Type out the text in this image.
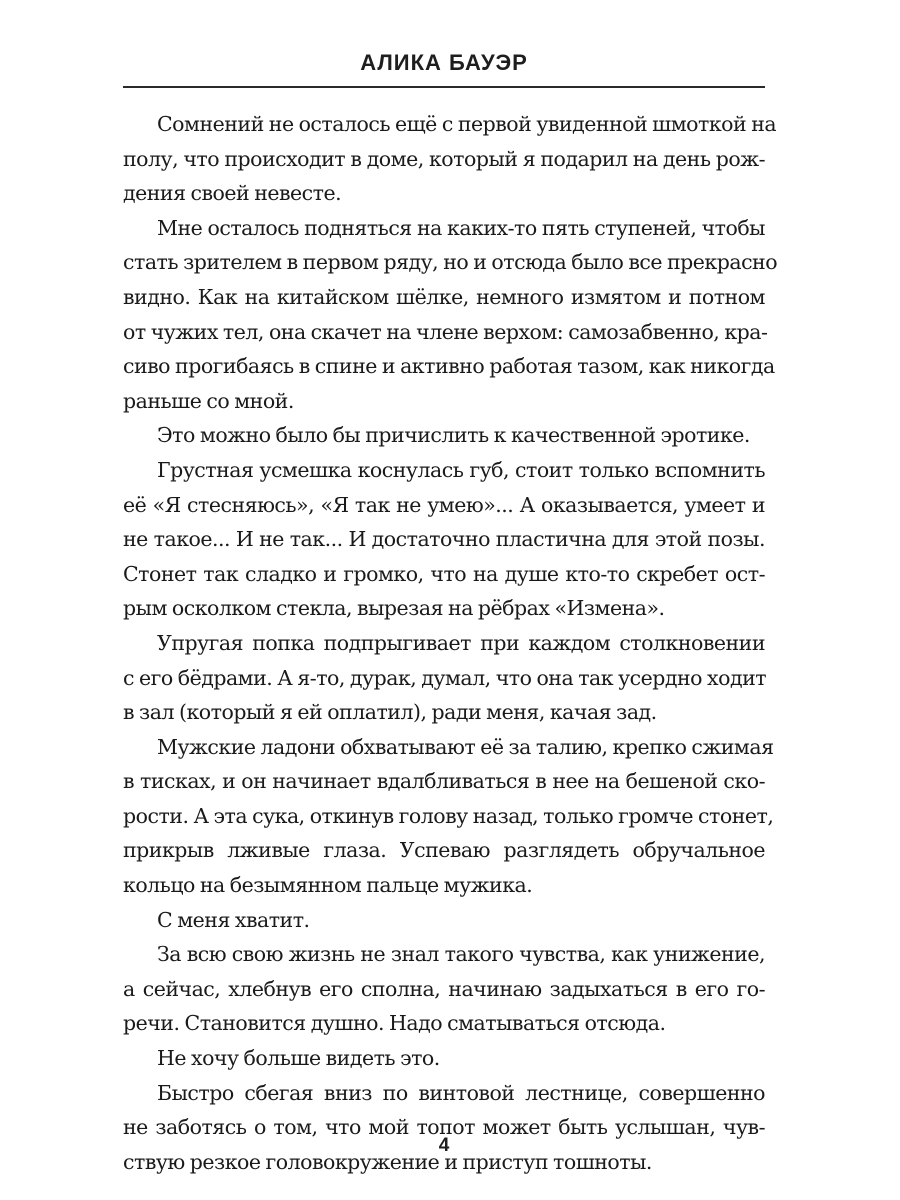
АЛИКА БАУЭР
Сомнений не осталось ещё с первой увиденной шмоткой на
полу, что происходит в доме, который я подарил на день рож-
дения своей невесте.
Мне осталось подняться на каких-то пять ступеней, чтобы
стать зрителем в первом ряду, но и отсюда было все прекрасно
видно. Как на китайском шёлке, немного измятом и потном
от чужих тел, она скачет на члене верхом: самозабвенно, кра-
сиво прогибаясь в спине и активно работая тазом, как никогда
раньше со мной.
Это можно было бы причислить к качественной эротике.
Грустная усмешка коснулась губ, стоит только вспомнить
её «Я стесняюсь», «Я так не умею»... А оказывается, умеет и
не такое... И не так... И достаточно пластична для этой позы.
Стонет так сладко и громко, что на душе кто-то скребет ост-
рым осколком стекла, вырезая на рёбрах «Измена».
Упругая попка подпрыгивает при каждом столкновении
с его бёдрами. А я-то, дурак, думал, что она так усердно ходит
в зал (который я ей оплатил), ради меня, качая зад.
Мужские ладони обхватывают её за талию, крепко сжимая
в тисках, и он начинает вдалбливаться в нее на бешеной ско-
рости. А эта сука, откинув голову назад, только громче стонет,
прикрыв лживые глаза. Успеваю разглядеть обручальное
кольцо на безымянном пальце мужика.
С меня хватит.
За всю свою жизнь не знал такого чувства, как унижение,
а сейчас, хлебнув его сполна, начинаю задыхаться в его го-
речи. Становится душно. Надо сматываться отсюда.
Не хочу больше видеть это.
Быстро сбегая вниз по винтовой лестнице, совершенно
не заботясь о том, что мой топот может быть услышан, чув-
ствую резкое головокружение и приступ тошноты.
4
